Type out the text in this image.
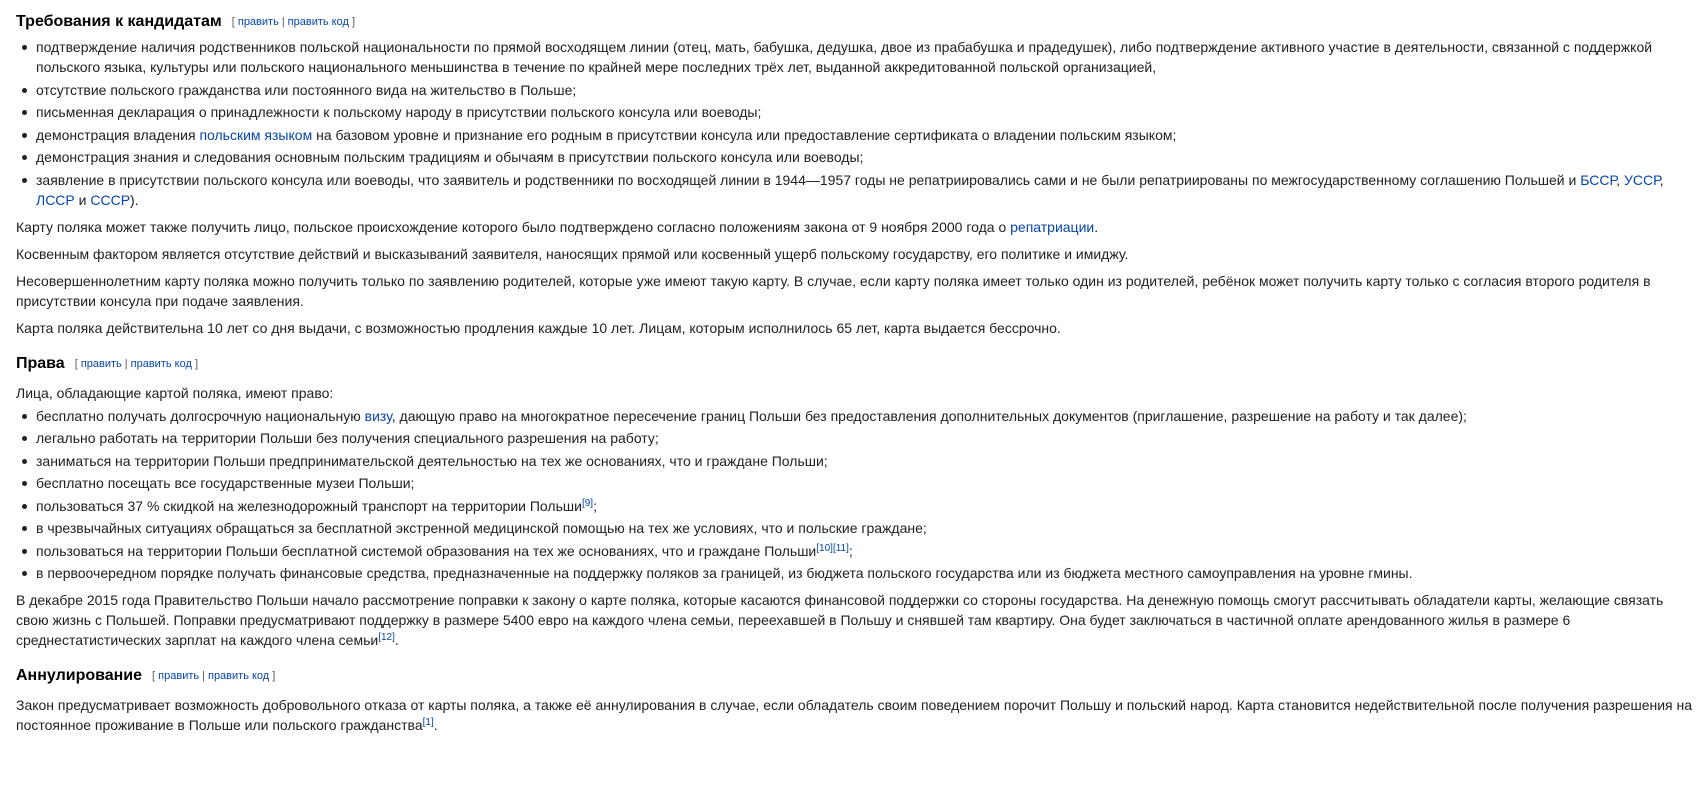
Требования к кандидатам [ править | править код ]
подтверждение наличия родственников польской национальности по прямой восходящем линии (отец, мать, бабушка, дедушка, двое из прабабушка и прадедушек), либо подтверждение активного участие в деятельности, связанной с поддержкой польского языка, культуры или польского национального меньшинства в течение по крайней мере последних трёх лет, выданной аккредитованной польской организацией,
отсутствие польского гражданства или постоянного вида на жительство в Польше;
письменная декларация о принадлежности к польскому народу в присутствии польского консула или воеводы;
демонстрация владения польским языком на базовом уровне и признание его родным в присутствии консула или предоставление сертификата о владении польским языком;
демонстрация знания и следования основным польским традициям и обычаям в присутствии польского консула или воеводы;
заявление в присутствии польского консула или воеводы, что заявитель и родственники по восходящей линии в 1944—1957 годы не репатриировались сами и не были репатриированы по межгосударственному соглашению Польшей и БССР, УССР, ЛССР и СССР).

Карту поляка может также получить лицо, польское происхождение которого было подтверждено согласно положениям закона от 9 ноября 2000 года о репатриации.

Косвенным фактором является отсутствие действий и высказываний заявителя, наносящих прямой или косвенный ущерб польскому государству, его политике и имиджу.

Несовершеннолетним карту поляка можно получить только по заявлению родителей, которые уже имеют такую карту. В случае, если карту поляка имеет только один из родителей, ребёнок может получить карту только с согласия второго родителя в присутствии консула при подаче заявления.

Карта поляка действительна 10 лет со дня выдачи, с возможностью продления каждые 10 лет. Лицам, которым исполнилось 65 лет, карта выдается бессрочно.

Права [ править | править код ]

Лица, обладающие картой поляка, имеют право:

бесплатно получать долгосрочную национальную визу, дающую право на многократное пересечение границ Польши без предоставления дополнительных документов (приглашение, разрешение на работу и так далее);
легально работать на территории Польши без получения специального разрешения на работу;
заниматься на территории Польши предпринимательской деятельностью на тех же основаниях, что и граждане Польши;
бесплатно посещать все государственные музеи Польши;
пользоваться 37 % скидкой на железнодорожный транспорт на территории Польши[9];
в чрезвычайных ситуациях обращаться за бесплатной экстренной медицинской помощью на тех же условиях, что и польские граждане;
пользоваться на территории Польши бесплатной системой образования на тех же основаниях, что и граждане Польши[10][11];
в первоочередном порядке получать финансовые средства, предназначенные на поддержку поляков за границей, из бюджета польского государства или из бюджета местного самоуправления на уровне гмины.

В декабре 2015 года Правительство Польши начало рассмотрение поправки к закону о карте поляка, которые касаются финансовой поддержки со стороны государства. На денежную помощь смогут рассчитывать обладатели карты, желающие связать свою жизнь с Польшей. Поправки предусматривают поддержку в размере 5400 евро на каждого члена семьи, переехавшей в Польшу и снявшей там квартиру. Она будет заключаться в частичной оплате арендованного жилья в размере 6 среднестатистических зарплат на каждого члена семьи[12].

Аннулирование [ править | править код ]

Закон предусматривает возможность добровольного отказа от карты поляка, а также её аннулирования в случае, если обладатель своим поведением порочит Польшу и польский народ. Карта становится недействительной после получения разрешения на постоянное проживание в Польше или польского гражданства[1].
